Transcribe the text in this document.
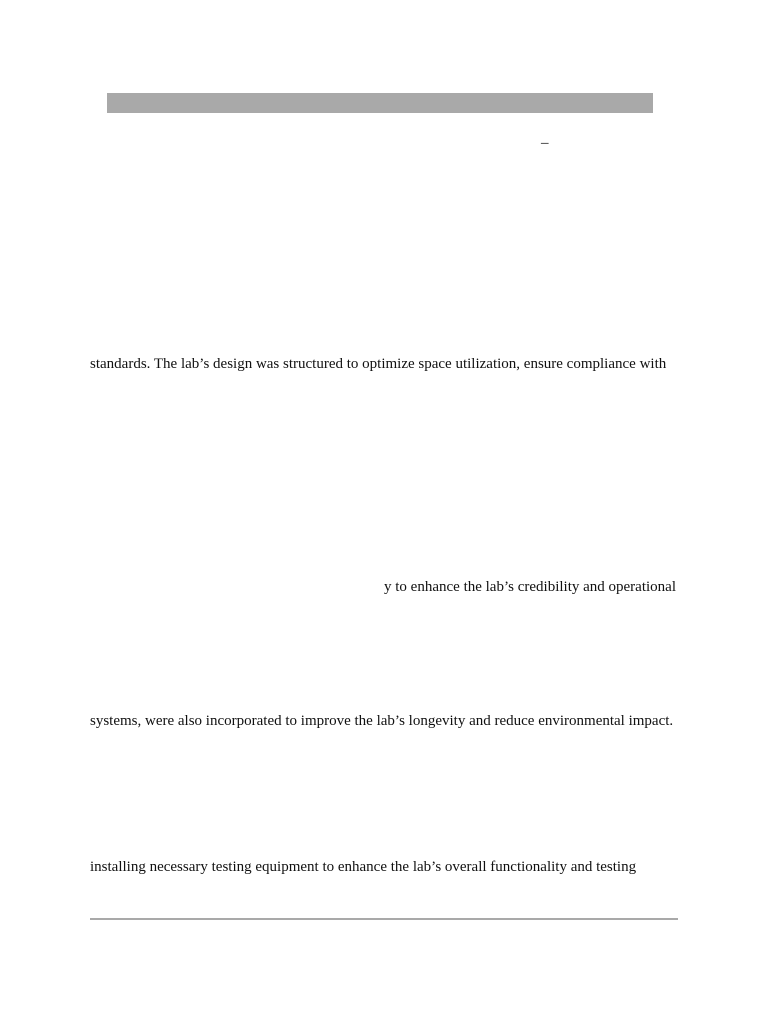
–
standards. The lab’s design was structured to optimize space utilization, ensure compliance with
y to enhance the lab’s credibility and operational
systems, were also incorporated to improve the lab’s longevity and reduce environmental impact.
installing necessary testing equipment to enhance the lab’s overall functionality and testing
